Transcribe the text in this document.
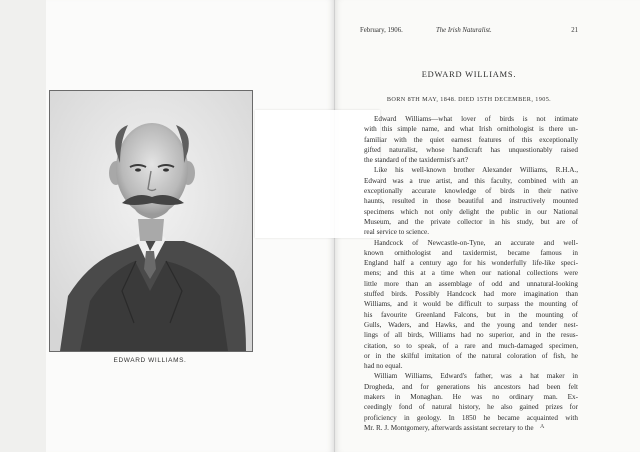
EDWARD WILLIAMS.
February, 1906.	The Irish Naturalist.	21
EDWARD WILLIAMS.
BORN 8TH MAY, 1848. DIED 15TH DECEMBER, 1905.
Edward Williams—what lover of birds is not intimate
with this simple name, and what Irish ornithologist is there un-
familiar with the quiet earnest features of this exceptionally
gifted naturalist, whose handicraft has unquestionably raised
the standard of the taxidermist's art?
Like his well-known brother Alexander Williams, R.H.A.,
Edward was a true artist, and this faculty, combined with an
exceptionally accurate knowledge of birds in their native
haunts, resulted in those beautiful and instructively mounted
specimens which not only delight the public in our National
Museum, and the private collector in his study, but are of
real service to science.
Handcock of Newcastle-on-Tyne, an accurate and well-
known ornithologist and taxidermist, became famous in
England half a century ago for his wonderfully life-like speci-
mens; and this at a time when our national collections were
little more than an assemblage of odd and unnatural-looking
stuffed birds. Possibly Handcock had more imagination than
Williams, and it would be difficult to surpass the mounting of
his favourite Greenland Falcons, but in the mounting of
Gulls, Waders, and Hawks, and the young and tender nest-
lings of all birds, Williams had no superior, and in the resus-
citation, so to speak, of a rare and much-damaged specimen,
or in the skilful imitation of the natural coloration of fish, he
had no equal.
William Williams, Edward's father, was a hat maker in
Drogheda, and for generations his ancestors had been felt
makers in Monaghan. He was no ordinary man. Ex-
ceedingly fond of natural history, he also gained prizes for
proficiency in geology. In 1850 he became acquainted with
Mr. R. J. Montgomery, afterwards assistant secretary to the	A
